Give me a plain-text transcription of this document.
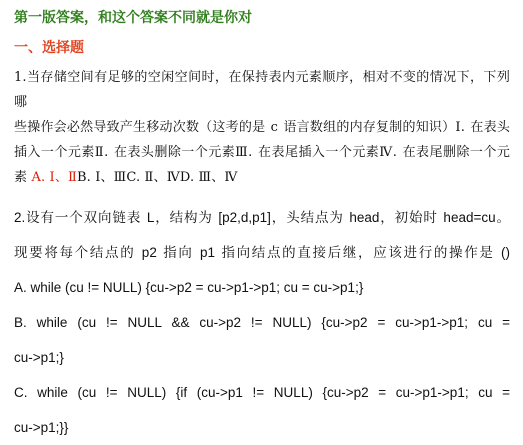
第一版答案，和这个答案不同就是你对
一、选择题
1.当存储空间有足够的空闲空间时，在保持表内元素顺序，相对不变的情况下，下列哪
些操作会必然导致产生移动次数（这考的是 c 语言数组的内存复制的知识）Ⅰ. 在表头
插入一个元素Ⅱ. 在表头删除一个元素Ⅲ. 在表尾插入一个元素Ⅳ. 在表尾删除一个元
素 A. Ⅰ、ⅡB. Ⅰ、ⅢC. Ⅱ、ⅣD. Ⅲ、Ⅳ

2.设有一个双向链表 L，结构为 [p2,d,p1]，头结点为 head，初始时 head=cu。

现要将每个结点的 p2 指向 p1 指向结点的直接后继，应该进行的操作是 ()

A. while (cu != NULL) {cu->p2 = cu->p1->p1; cu = cu->p1;}

B. while (cu != NULL && cu->p2 != NULL) {cu->p2 = cu->p1->p1; cu =

cu->p1;}

C. while (cu != NULL) {if (cu->p1 != NULL) {cu->p2 = cu->p1->p1; cu =

cu->p1;}}
